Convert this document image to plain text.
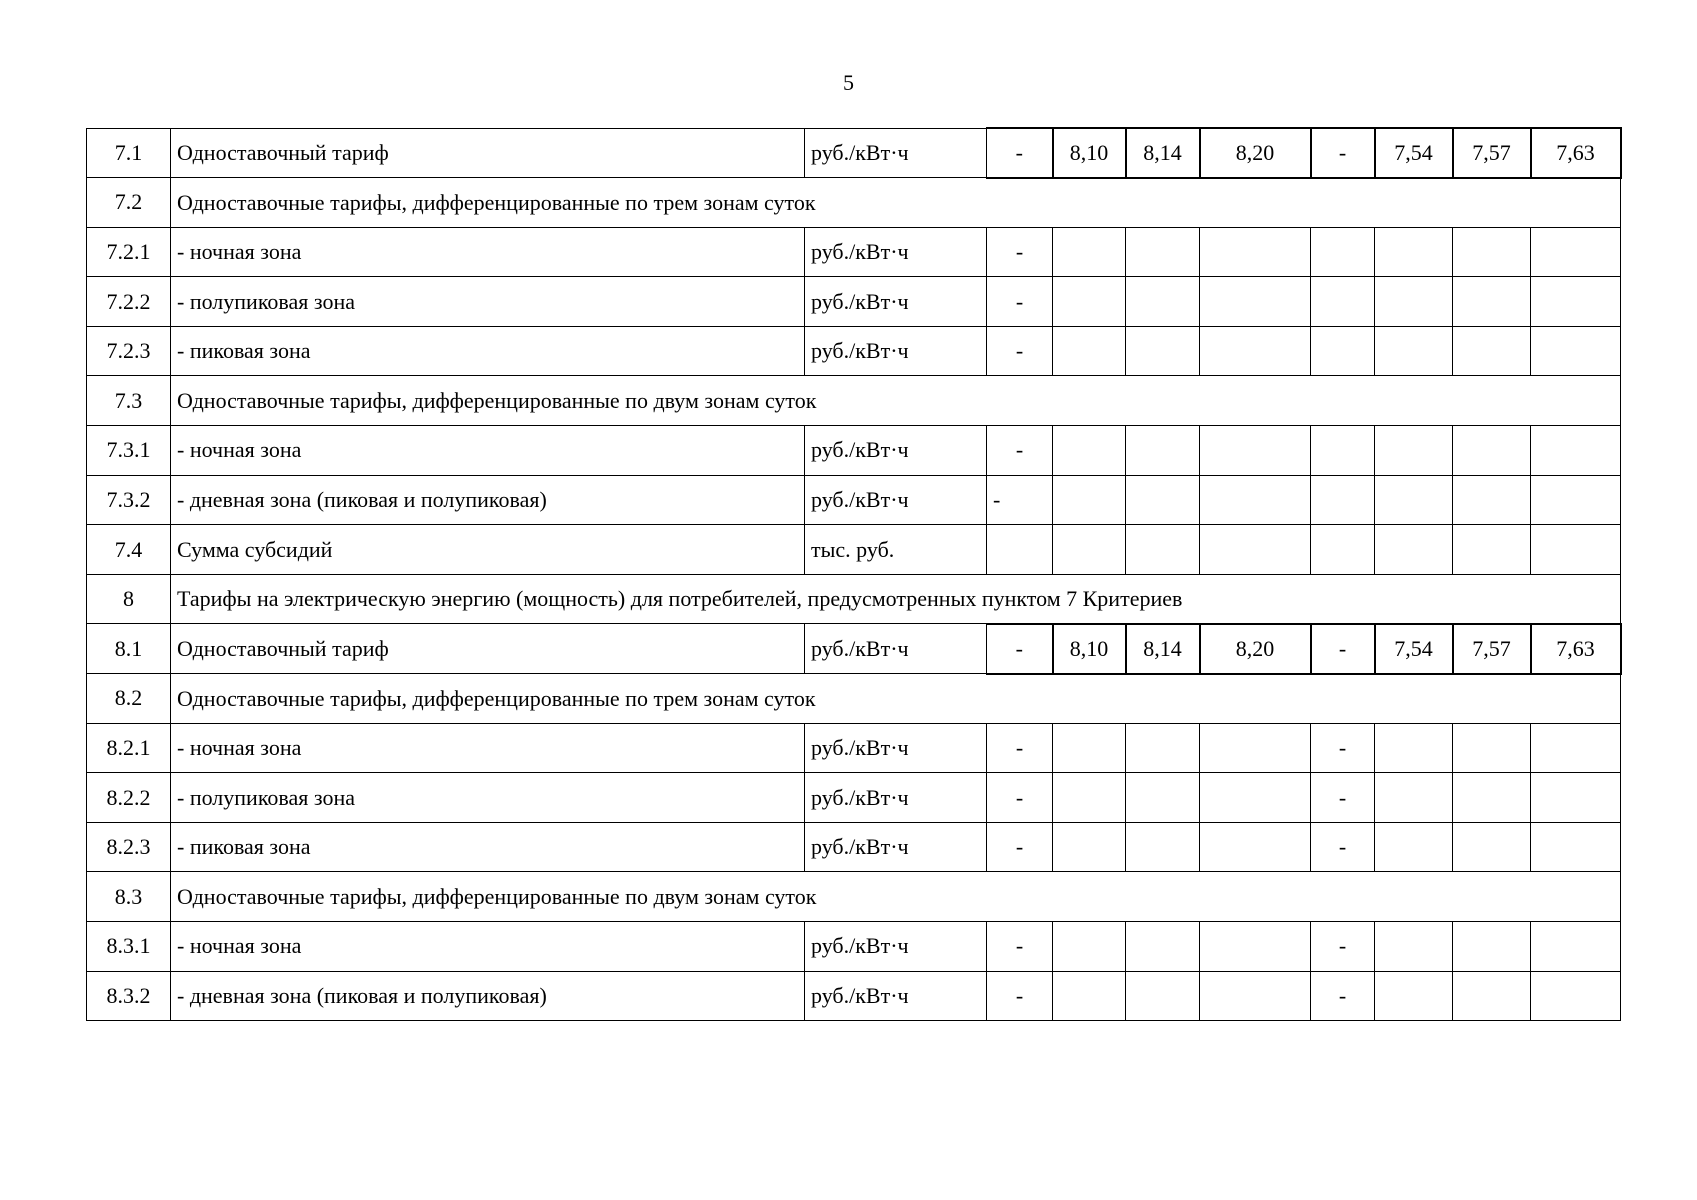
5
7.1	Одноставочный тариф	руб./кВт·ч	-	8,10	8,14	8,20	-	7,54	7,57	7,63
7.2	Одноставочные тарифы, дифференцированные по трем зонам суток									
7.2.1	- ночная зона	руб./кВт·ч	-							
7.2.2	- полупиковая зона	руб./кВт·ч	-							
7.2.3	- пиковая зона	руб./кВт·ч	-							
7.3	Одноставочные тарифы, дифференцированные по двум зонам суток									
7.3.1	- ночная зона	руб./кВт·ч	-							
7.3.2	- дневная зона (пиковая и полупиковая)	руб./кВт·ч	-							
7.4	Сумма субсидий	тыс. руб.								
8	Тарифы на электрическую энергию (мощность) для потребителей, предусмотренных пунктом 7 Критериев									
8.1	Одноставочный тариф	руб./кВт·ч	-	8,10	8,14	8,20	-	7,54	7,57	7,63
8.2	Одноставочные тарифы, дифференцированные по трем зонам суток									
8.2.1	- ночная зона	руб./кВт·ч	-				-			
8.2.2	- полупиковая зона	руб./кВт·ч	-				-			
8.2.3	- пиковая зона	руб./кВт·ч	-				-			
8.3	Одноставочные тарифы, дифференцированные по двум зонам суток									
8.3.1	- ночная зона	руб./кВт·ч	-				-			
8.3.2	- дневная зона (пиковая и полупиковая)	руб./кВт·ч	-				-			
